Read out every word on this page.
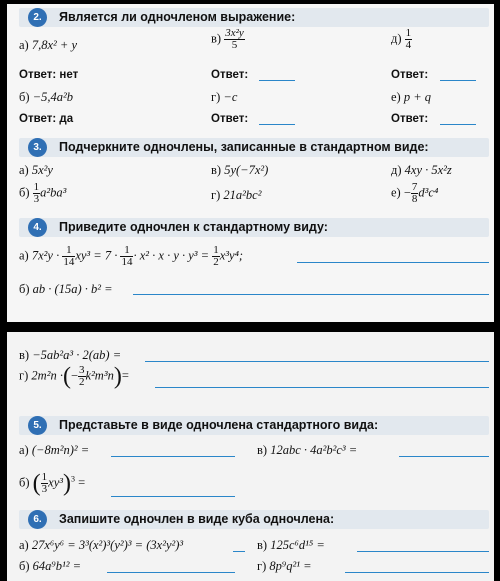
2.	Является ли одночленом выражение:
а) 7,8x² + y	$в) \frac{\text{3x²y}}{5}$	$д) \frac{1}{4}$
Ответ: нет	Ответ:	Ответ:
б) −5,4a²b	г) −c	е) p + q
Ответ: да	Ответ:	Ответ:
3.	Подчеркните одночлены, записанные в стандартном виде:
а) 5x²y	в) 5y(−7x²)	д) 4xy · 5x²z
$б) \frac{1}{3} a^2ba^3$	г) 21a²bc²	$е) - \frac{7}{8} d^3c^4$
4.	Приведите одночлен к стандартному виду:
а) $7x^2y \cdot \frac{1}{14} xy^3 = 7 \cdot \frac{1}{14} \cdot x^2 \cdot x \cdot y \cdot y^3 = \frac{1}{2} x^3y^4$;
б) ab · (15a) · b² =
в) −5ab²a³ · 2(ab) =
г) 2m²n ·(− $\frac{3}{2} k^2m^3n)=$
5.	Представьте в виде одночлена стандартного вида:
а) (−8m²n)² =	в) 12abc · 4a²b²c³ =
б) ( $\frac{1}{3} xy^3)^3$ =
6.	Запишите одночлен в виде куба одночлена:
а) 27x⁶y⁶ = 3³(x²)³(y²)³ = (3x²y²)³	в) 125c⁶d¹⁵ =
б) 64a⁹b¹² =	г) 8p⁹q²¹ =
